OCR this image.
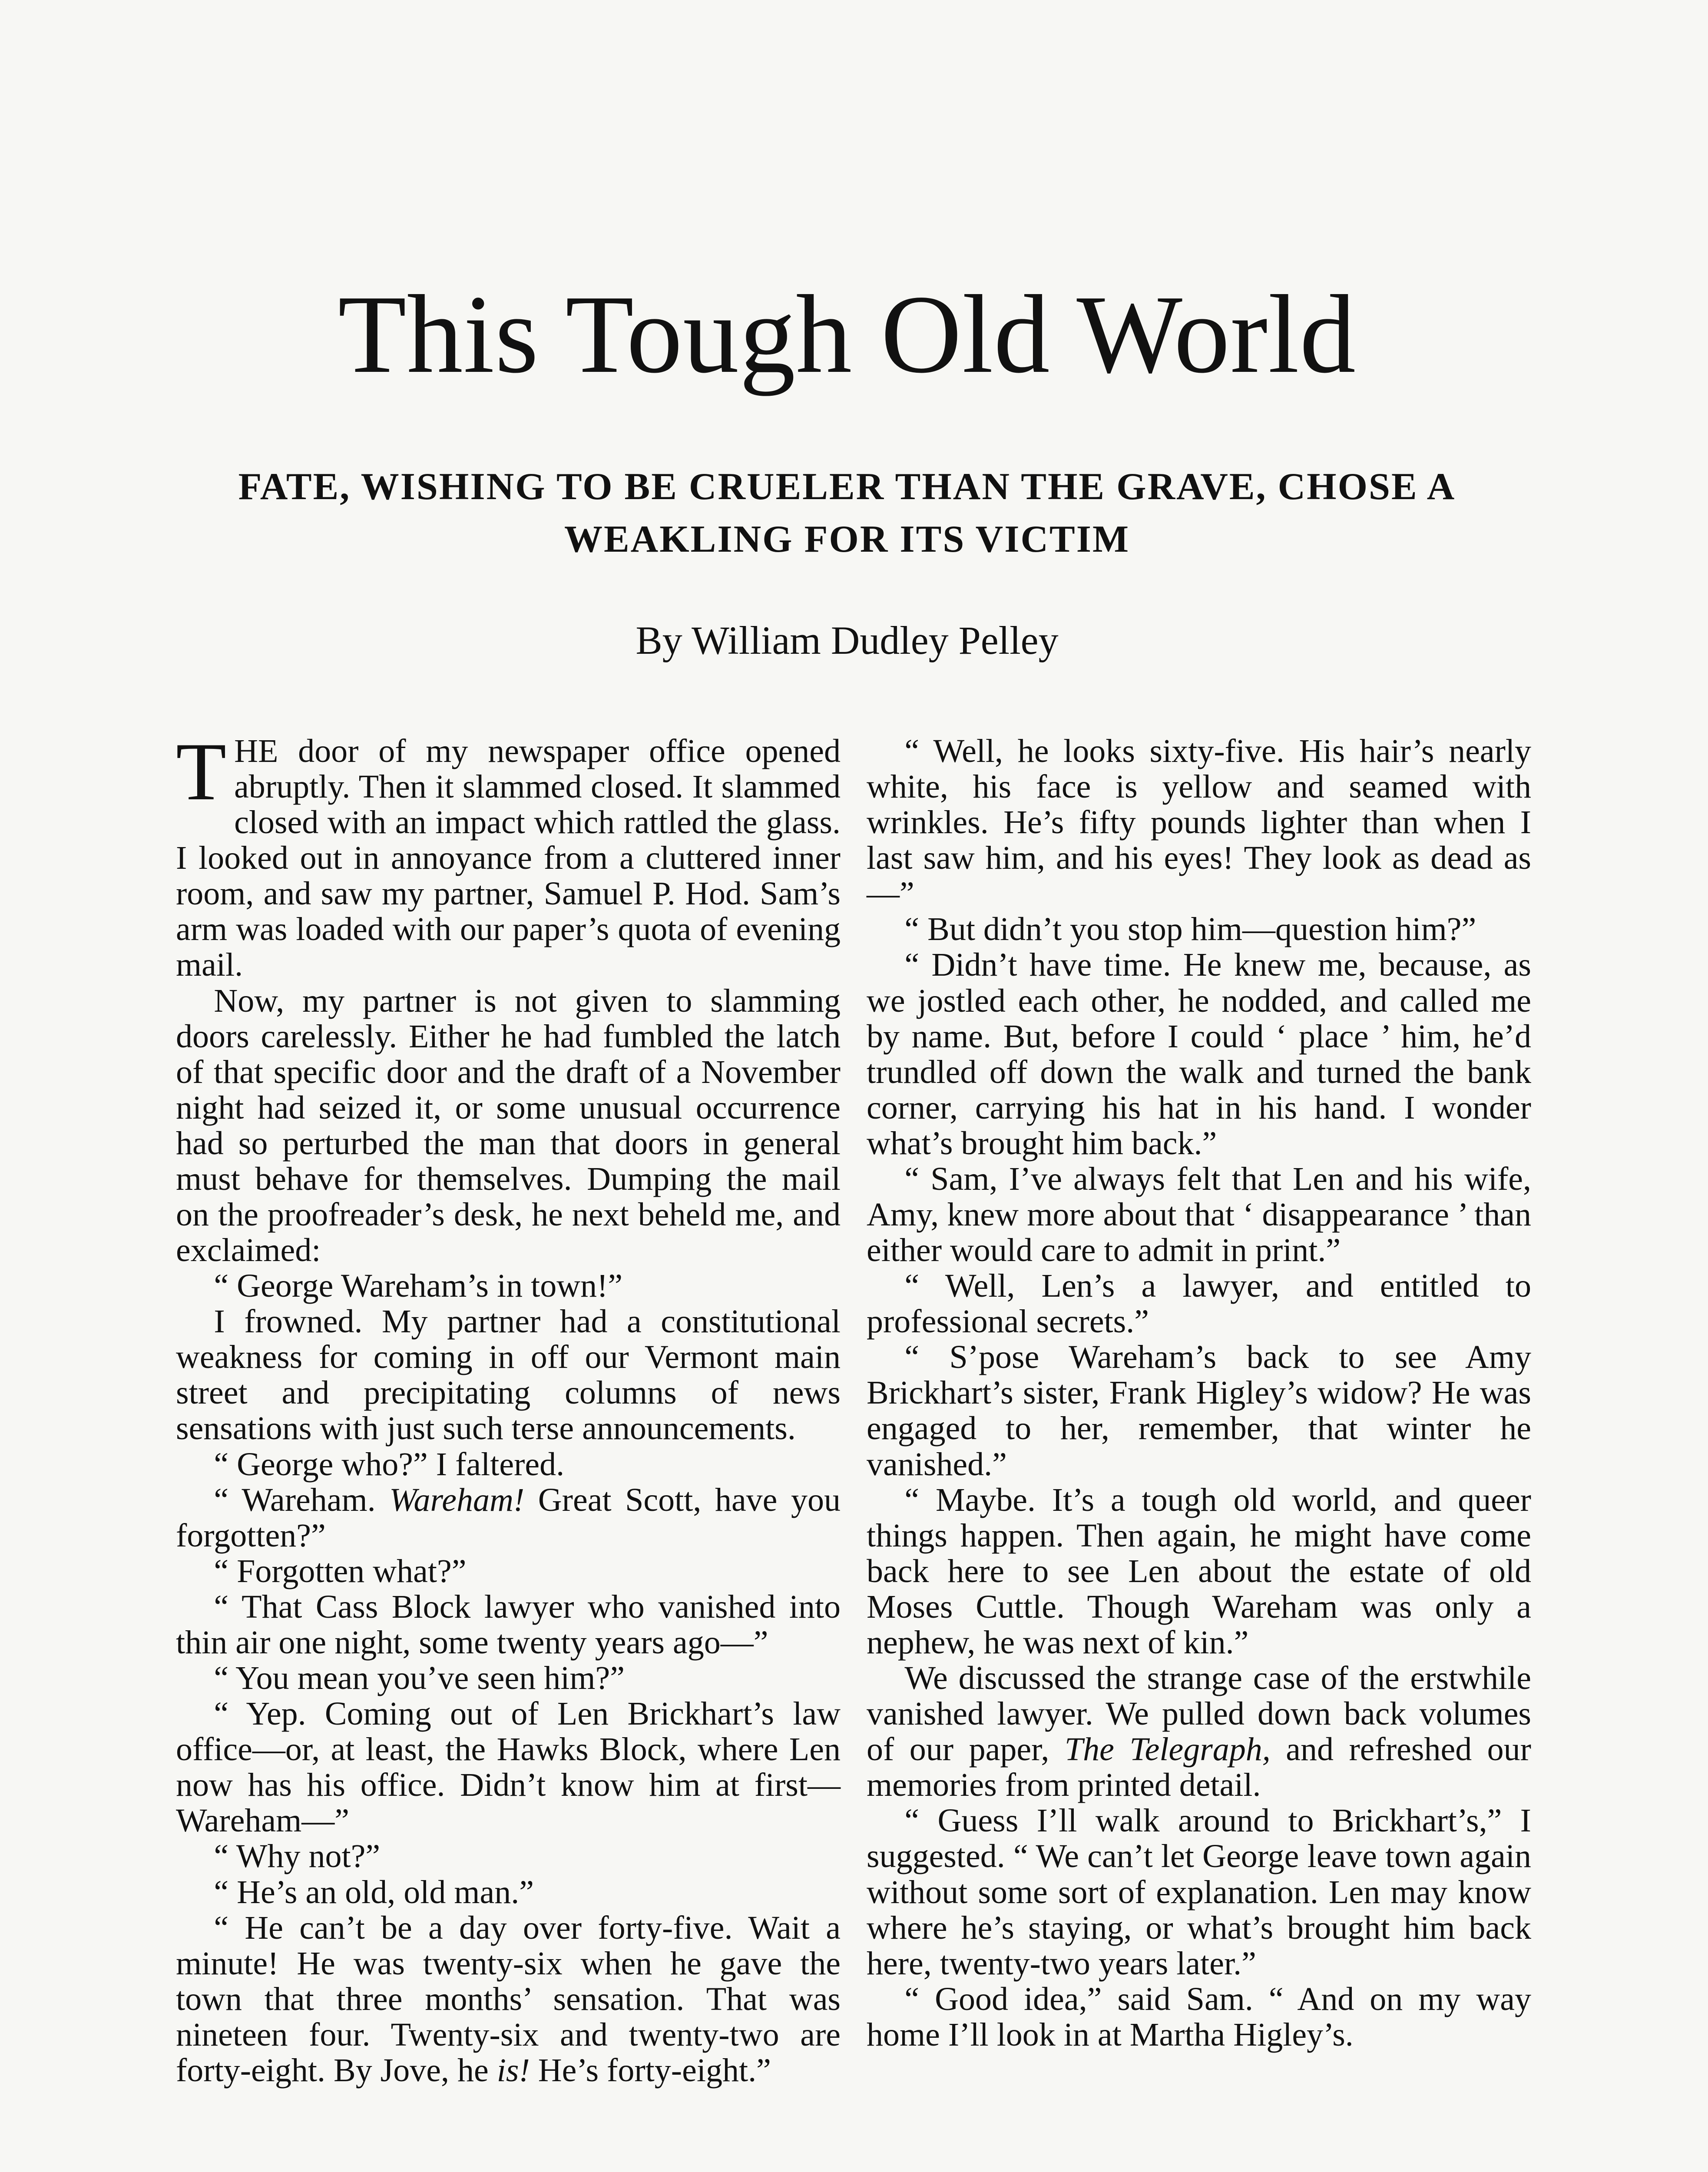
This Tough Old World
FATE, WISHING TO BE CRUELER THAN THE GRAVE, CHOSE A WEAKLING FOR ITS VICTIM

By William Dudley Pelley

THE door of my newspaper office opened abruptly. Then it slammed closed. It slammed closed with an impact which rattled the glass. I looked out in annoyance from a cluttered inner room, and saw my partner, Samuel P. Hod. Sam’s arm was loaded with our paper’s quota of evening mail.

Now, my partner is not given to slamming doors carelessly. Either he had fumbled the latch of that specific door and the draft of a November night had seized it, or some unusual occurrence had so perturbed the man that doors in general must behave for themselves. Dumping the mail on the proofreader’s desk, he next beheld me, and exclaimed:

“ George Wareham’s in town!”

I frowned. My partner had a constitutional weakness for coming in off our Vermont main street and precipitating columns of news sensations with just such terse announcements.

“ George who?” I faltered.

“ Wareham. Wareham! Great Scott, have you forgotten?”

“ Forgotten what?”

“ That Cass Block lawyer who vanished into thin air one night, some twenty years ago—”

“ You mean you’ve seen him?”

“ Yep. Coming out of Len Brickhart’s law office—or, at least, the Hawks Block, where Len now has his office. Didn’t know him at first—Wareham—”

“ Why not?”

“ He’s an old, old man.”

“ He can’t be a day over forty-five. Wait a minute! He was twenty-six when he gave the town that three months’ sensation. That was nineteen four. Twenty-six and twenty-two are forty-eight. By Jove, he is! He’s forty-eight.”

“ Well, he looks sixty-five. His hair’s nearly white, his face is yellow and seamed with wrinkles. He’s fifty pounds lighter than when I last saw him, and his eyes! They look as dead as—”

“ But didn’t you stop him—question him?”

“ Didn’t have time. He knew me, because, as we jostled each other, he nodded, and called me by name. But, before I could ‘ place ’ him, he’d trundled off down the walk and turned the bank corner, carrying his hat in his hand. I wonder what’s brought him back.”

“ Sam, I’ve always felt that Len and his wife, Amy, knew more about that ‘ disappearance ’ than either would care to admit in print.”

“ Well, Len’s a lawyer, and entitled to professional secrets.”

“ S’pose Wareham’s back to see Amy Brickhart’s sister, Frank Higley’s widow? He was engaged to her, remember, that winter he vanished.”

“ Maybe. It’s a tough old world, and queer things happen. Then again, he might have come back here to see Len about the estate of old Moses Cuttle. Though Wareham was only a nephew, he was next of kin.”

We discussed the strange case of the erstwhile vanished lawyer. We pulled down back volumes of our paper, The Telegraph, and refreshed our memories from printed detail.

“ Guess I’ll walk around to Brickhart’s,” I suggested. “ We can’t let George leave town again without some sort of explanation. Len may know where he’s staying, or what’s brought him back here, twenty-two years later.”

“ Good idea,” said Sam. “ And on my way home I’ll look in at Martha Higley’s.
